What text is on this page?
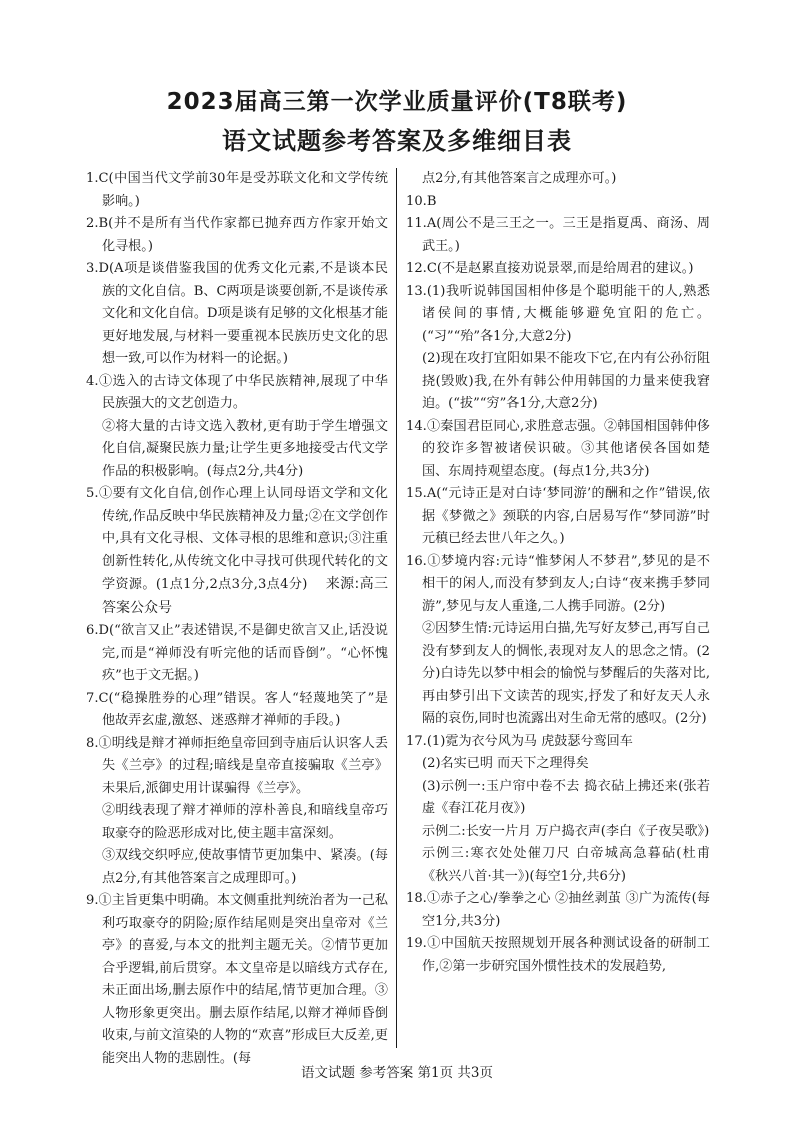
2023届高三第一次学业质量评价(T8联考)
语文试题参考答案及多维细目表

1.C(中国当代文学前30年是受苏联文化和文学传统影响。)

2.B(并不是所有当代作家都已抛弃西方作家开始文化寻根。)

3.D(A项是谈借鉴我国的优秀文化元素,不是谈本民族的文化自信。B、C两项是谈要创新,不是谈传承文化和文化自信。D项是谈有足够的文化根基才能更好地发展,与材料一要重视本民族历史文化的思想一致,可以作为材料一的论据。)

4.①选入的古诗文体现了中华民族精神,展现了中华民族强大的文艺创造力。

②将大量的古诗文选入教材,更有助于学生增强文化自信,凝聚民族力量;让学生更多地接受古代文学作品的积极影响。(每点2分,共4分)

5.①要有文化自信,创作心理上认同母语文学和文化传统,作品反映中华民族精神及力量;②在文学创作中,具有文化寻根、文体寻根的思维和意识;③注重创新性转化,从传统文化中寻找可供现代转化的文学资源。(1点1分,2点3分,3点4分) 来源:高三答案公众号

6.D(“欲言又止”表述错误,不是御史欲言又止,话没说完,而是“禅师没有听完他的话而昏倒”。“心怀愧疚”也于文无据。)

7.C(“稳操胜券的心理”错误。客人“轻蔑地笑了”是他故弄玄虚,激怒、迷惑辩才禅师的手段。)

8.①明线是辩才禅师拒绝皇帝回到寺庙后认识客人丢失《兰亭》的过程;暗线是皇帝直接骗取《兰亭》未果后,派御史用计谋骗得《兰亭》。

②明线表现了辩才禅师的淳朴善良,和暗线皇帝巧取豪夺的险恶形成对比,使主题丰富深刻。

③双线交织呼应,使故事情节更加集中、紧凑。(每点2分,有其他答案言之成理即可。)

9.①主旨更集中明确。本文侧重批判统治者为一己私利巧取豪夺的阴险;原作结尾则是突出皇帝对《兰亭》的喜爱,与本文的批判主题无关。②情节更加合乎逻辑,前后贯穿。本文皇帝是以暗线方式存在,未正面出场,删去原作中的结尾,情节更加合理。③人物形象更突出。删去原作结尾,以辩才禅师昏倒收束,与前文渲染的人物的“欢喜”形成巨大反差,更能突出人物的悲剧性。(每

点2分,有其他答案言之成理亦可。)

10.B

11.A(周公不是三王之一。三王是指夏禹、商汤、周武王。)

12.C(不是赵累直接劝说景翠,而是给周君的建议。)

13.(1)我听说韩国国相仲侈是个聪明能干的人,熟悉诸侯间的事情,大概能够避免宜阳的危亡。(“习”“殆”各1分,大意2分)

(2)现在攻打宜阳如果不能攻下它,在内有公孙衍阻挠(毁败)我,在外有韩公仲用韩国的力量来使我窘迫。(“拔”“穷”各1分,大意2分)

14.①秦国君臣同心,求胜意志强。②韩国相国韩仲侈的狡诈多智被诸侯识破。③其他诸侯各国如楚国、东周持观望态度。(每点1分,共3分)

15.A(“元诗正是对白诗‘梦同游’的酬和之作”错误,依据《梦微之》颈联的内容,白居易写作“梦同游”时元稹已经去世八年之久。)

16.①梦境内容:元诗“惟梦闲人不梦君”,梦见的是不相干的闲人,而没有梦到友人;白诗“夜来携手梦同游”,梦见与友人重逢,二人携手同游。(2分)

②因梦生情:元诗运用白描,先写好友梦己,再写自己没有梦到友人的惆怅,表现对友人的思念之情。(2分)白诗先以梦中相会的愉悦与梦醒后的失落对比,再由梦引出下文读苦的现实,抒发了和好友天人永隔的哀伤,同时也流露出对生命无常的感叹。(2分)

17.(1)霓为衣兮风为马 虎鼓瑟兮鸾回车

(2)名实已明 而天下之理得矣

(3)示例一:玉户帘中卷不去 捣衣砧上拂还来(张若虚《春江花月夜》)

示例二:长安一片月 万户捣衣声(李白《子夜吴歌》)

示例三:寒衣处处催刀尺 白帝城高急暮砧(杜甫《秋兴八首·其一》)(每空1分,共6分)

18.①赤子之心/拳拳之心 ②抽丝剥茧 ③广为流传(每空1分,共3分)

19.①中国航天按照规划开展各种测试设备的研制工作,②第一步研究国外惯性技术的发展趋势,

语文试题 参考答案 第1页 共3页
